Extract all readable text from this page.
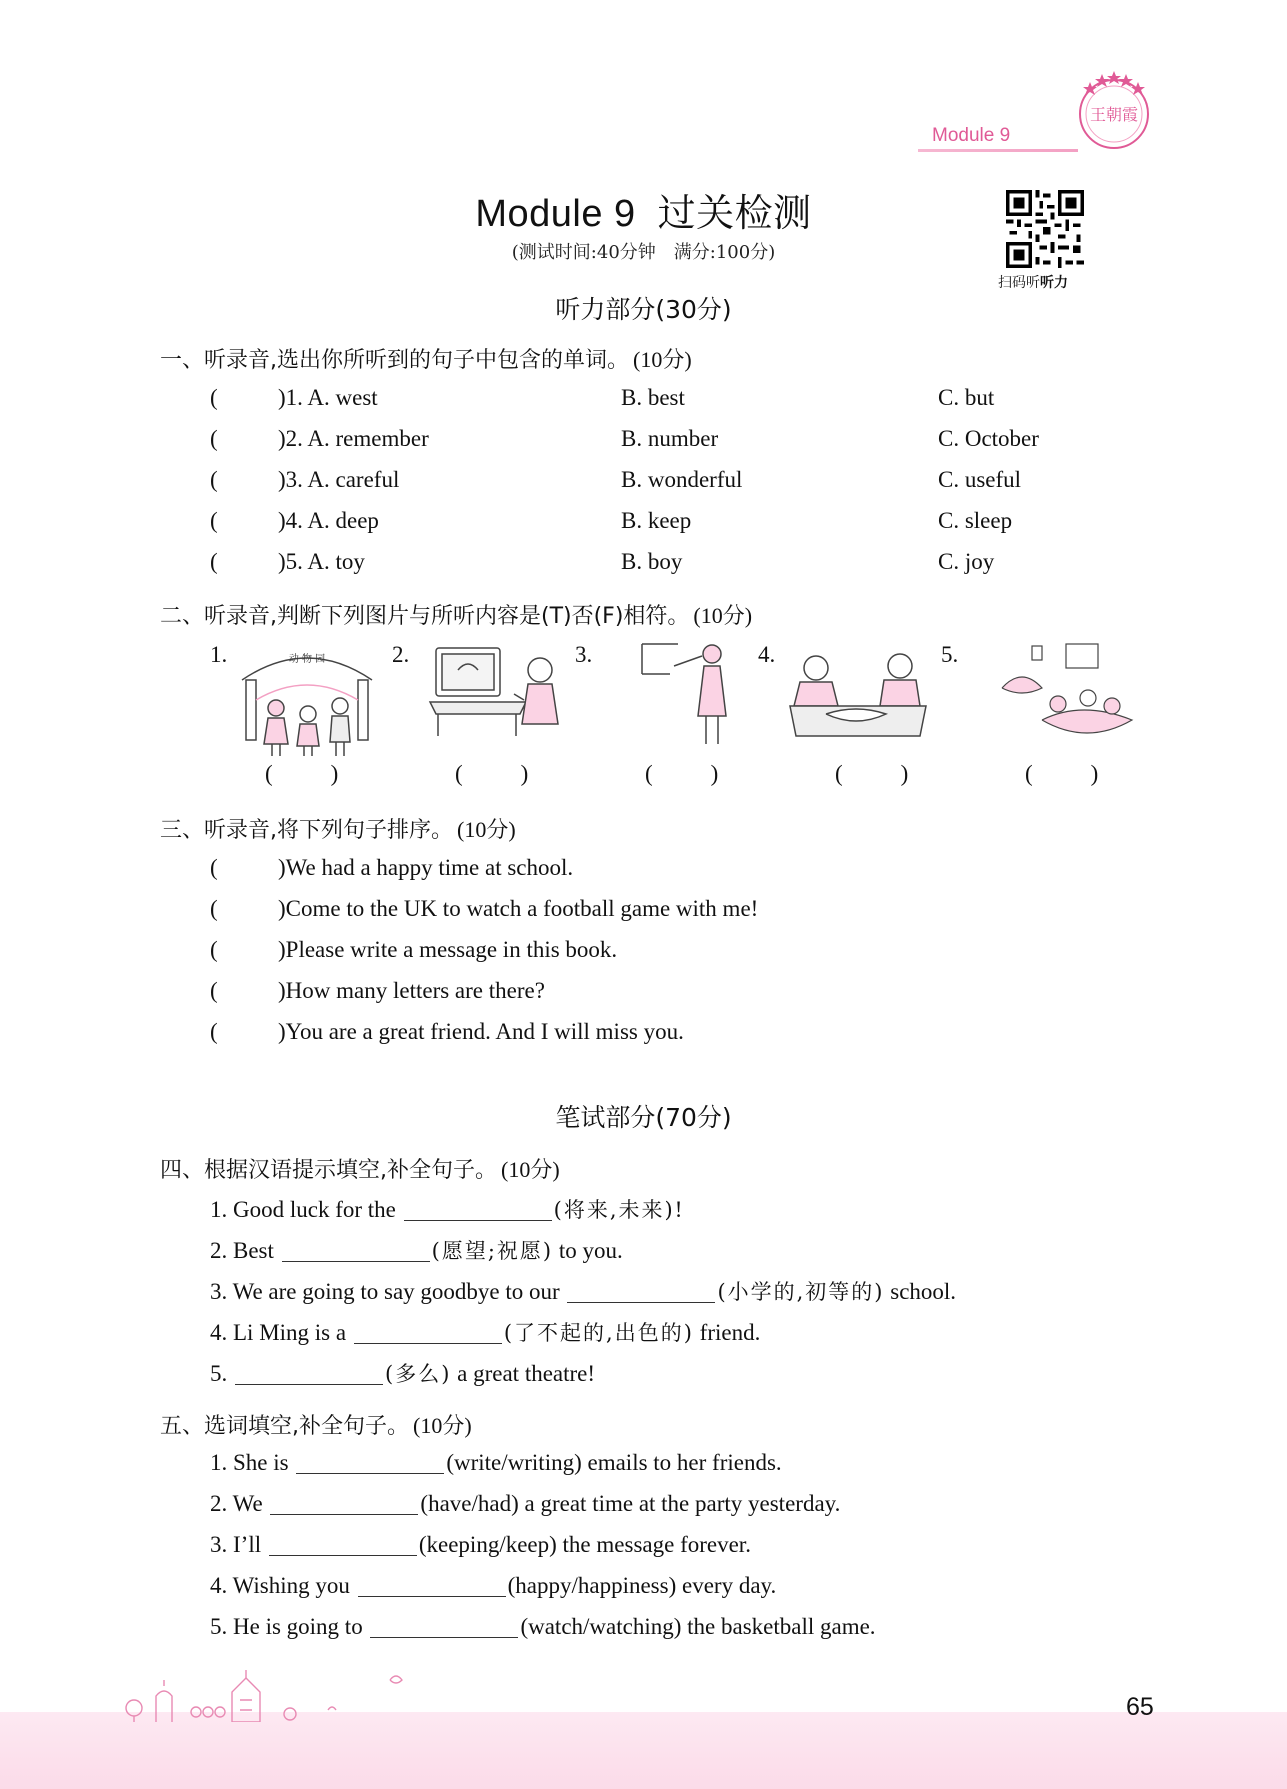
Module 9
王朝霞
Module 9 过关检测
(测试时间:40分钟　满分:100分)
扫码听听力
听力部分(30分)
一、听录音,选出你所听到的句子中包含的单词。 (10分)
(	)1. A. west	B. best	C. but
(	)2. A. remember	B. number	C. October
(	)3. A. careful	B. wonderful	C. useful
(	)4. A. deep	B. keep	C. sleep
(	)5. A. toy	B. boy	C. joy
二、听录音,判断下列图片与所听内容是(T)否(F)相符。 (10分)
1.	动 物 园
(	)
2.
(	)
3.
(	)
4.
(	)
5.
(	)
三、听录音,将下列句子排序。 (10分)
(	)We had a happy time at school.
(	)Come to the UK to watch a football game with me!
(	)Please write a message in this book.
(	)How many letters are there?
(	)You are a great friend. And I will miss you.
笔试部分(70分)
四、根据汉语提示填空,补全句子。 (10分)
1. Good luck for the	(将来,未来)!
2. Best	(愿望;祝愿) to you.
3. We are going to say goodbye to our	(小学的,初等的) school.
4. Li Ming is a	(了不起的,出色的) friend.
5.	(多么) a great theatre!
五、选词填空,补全句子。 (10分)
1. She is	(write/writing) emails to her friends.
2. We	(have/had) a great time at the party yesterday.
3. I’ll	(keeping/keep) the message forever.
4. Wishing you	(happy/happiness) every day.
5. He is going to	(watch/watching) the basketball game.
65
